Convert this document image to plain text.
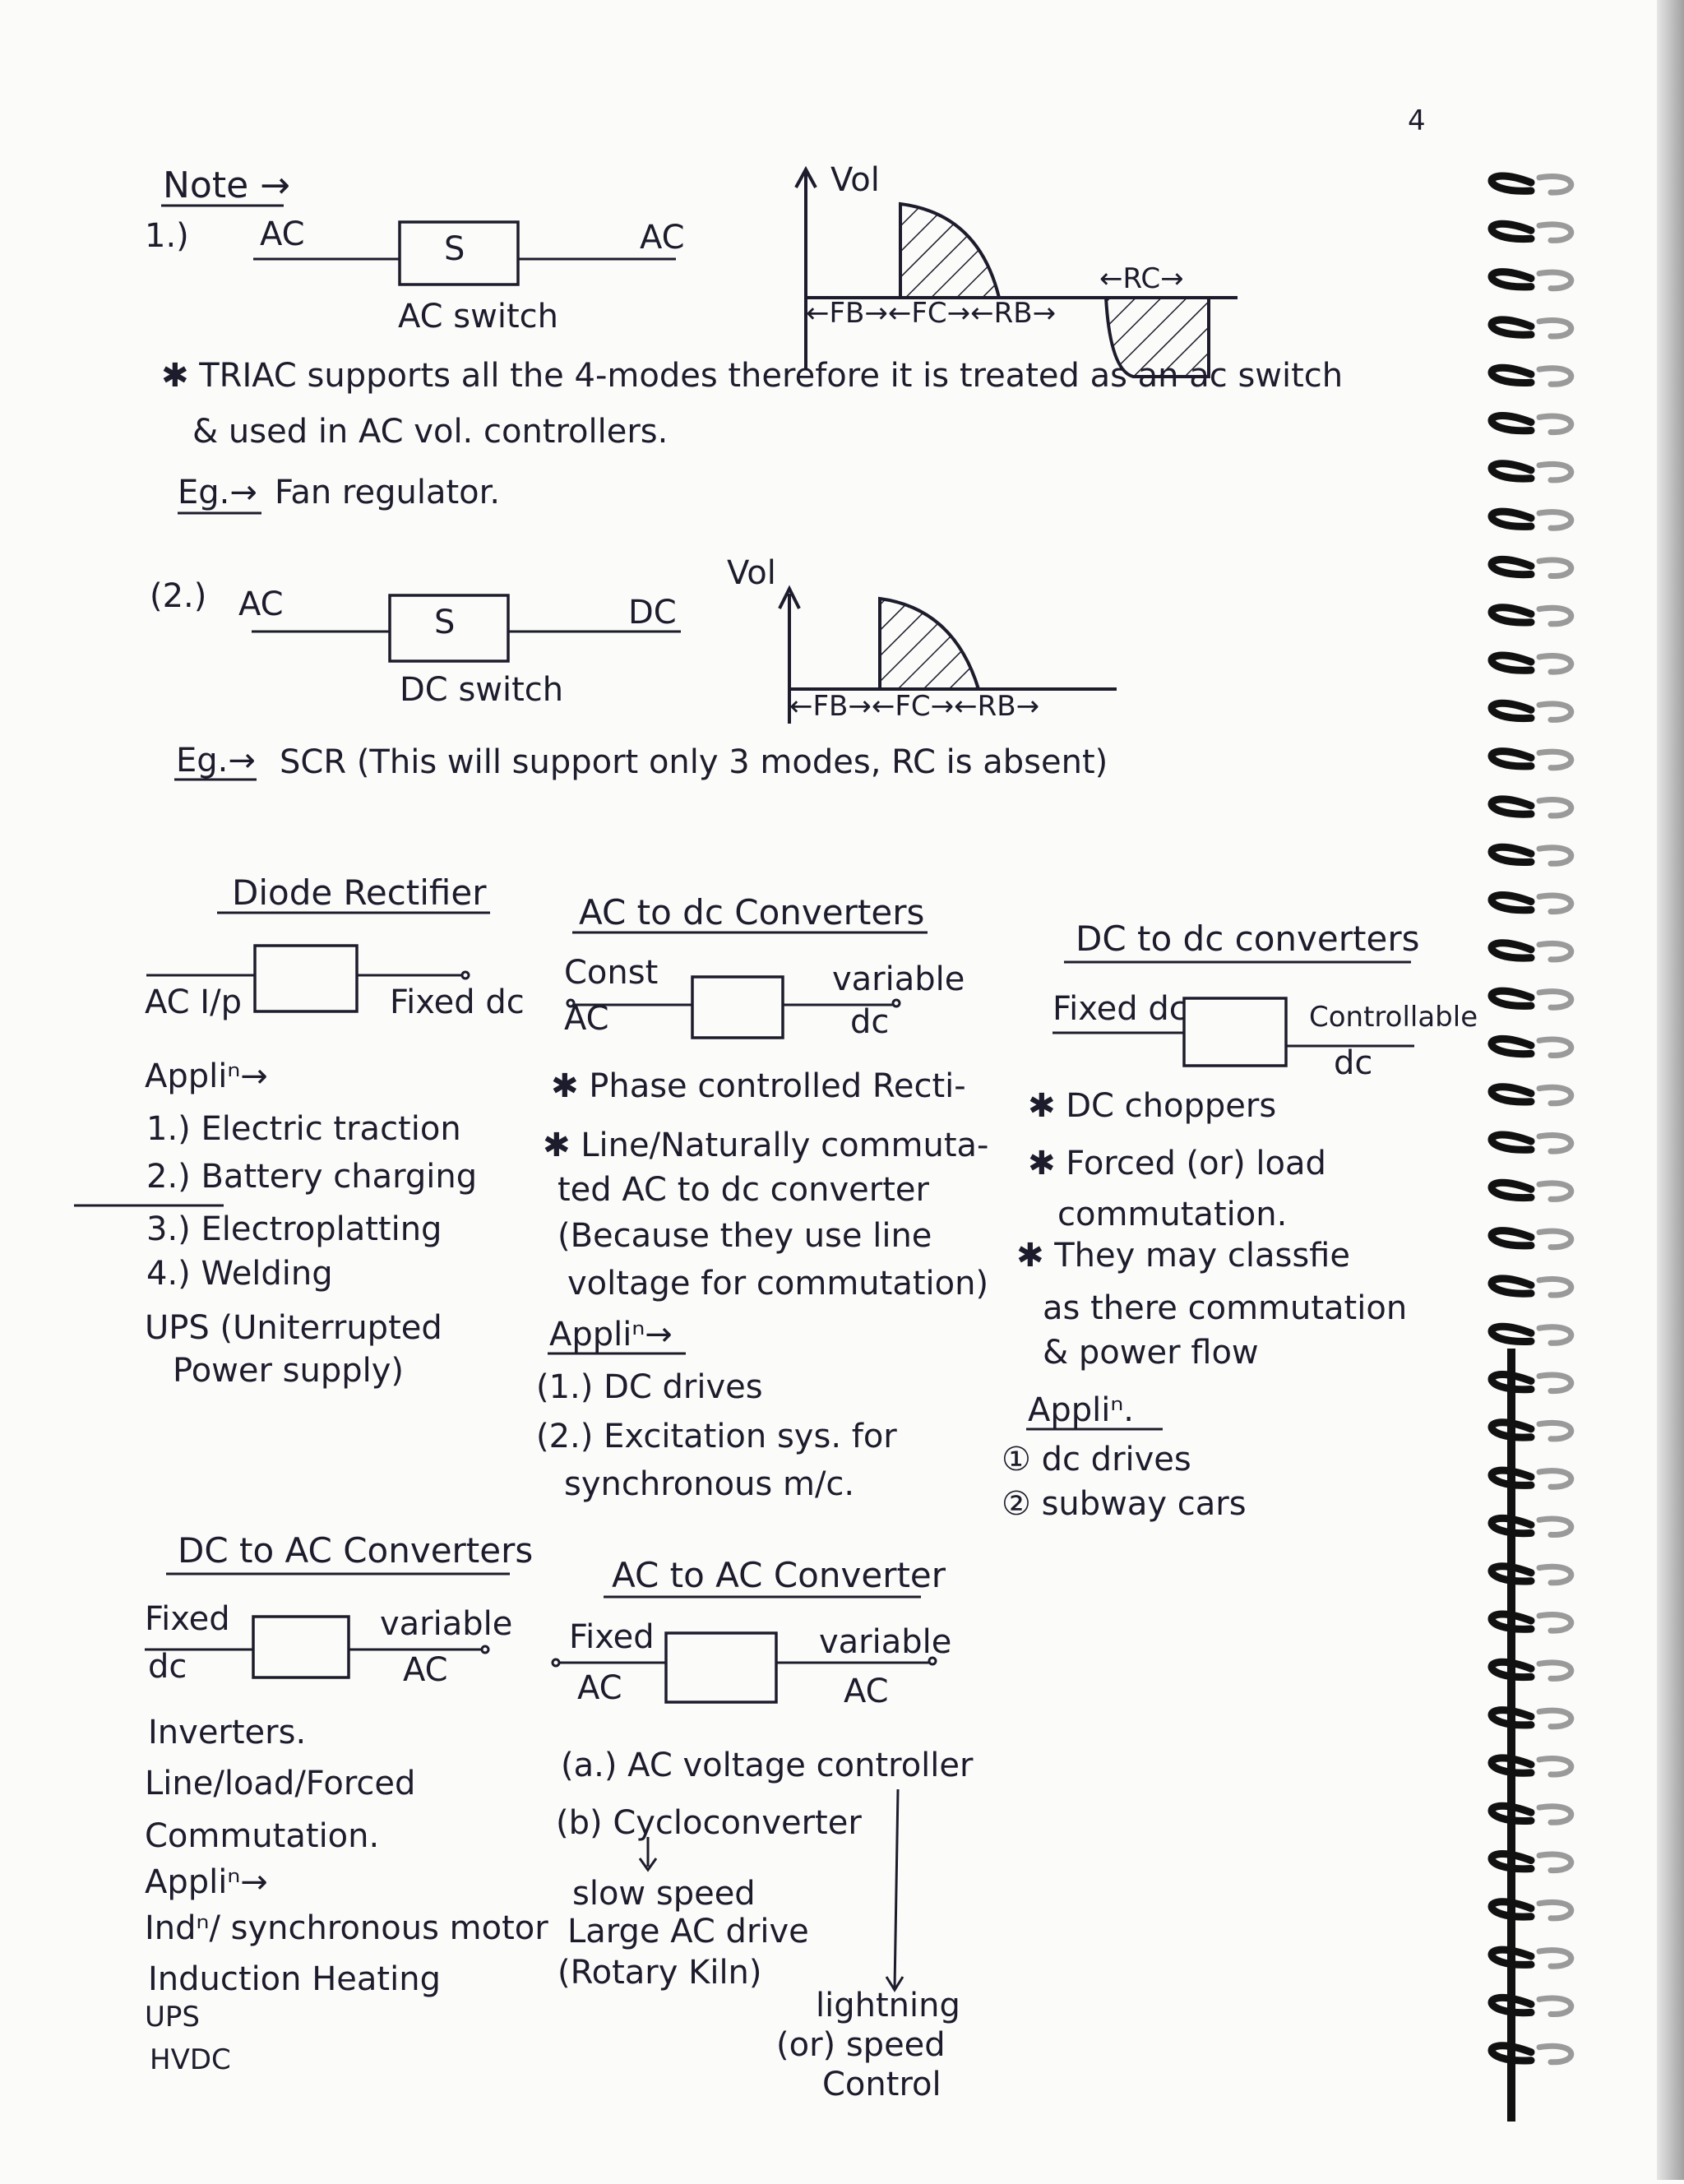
4
Note →
1.) AC	S	AC
AC switch
Vol
←RC→
←FB→←FC→←RB→
✱ TRIAC supports all the 4-modes therefore it is treated as an ac switch
& used in AC vol. controllers.
Eg.→ Fan regulator.
(2.) AC	S	DC
DC switch
Vol
←FB→←FC→←RB→
Eg.→ SCR (This will support only 3 modes, RC is absent)
Diode Rectifier
AC I/p	Fixed dc
Appliⁿ→
1.) Electric traction
2.) Battery charging
3.) Electroplatting
4.) Welding
UPS (Uniterrupted
Power supply)
AC to dc Converters
Const
AC
variable
dc
✱ Phase controlled Recti-
✱ Line/Naturally commuta-
ted AC to dc converter
(Because they use line
voltage for commutation)
Appliⁿ→
(1.) DC drives
(2.) Excitation sys. for
synchronous m/c.
DC to dc converters
Fixed dc	Controllable
dc
✱ DC choppers
✱ Forced (or) load
commutation.
✱ They may classfie
as there commutation
& power flow
Appliⁿ.
① dc drives
② subway cars
DC to AC Converters
Fixed
dc
variable
AC
Inverters.
Line/load/Forced
Commutation.
Appliⁿ→
Indⁿ/ synchronous motor
Induction Heating
UPS
HVDC
AC to AC Converter
Fixed
AC
variable
AC
(a.) AC voltage controller
(b) Cycloconverter
slow speed
Large AC drive
(Rotary Kiln)
lightning
(or) speed
Control
